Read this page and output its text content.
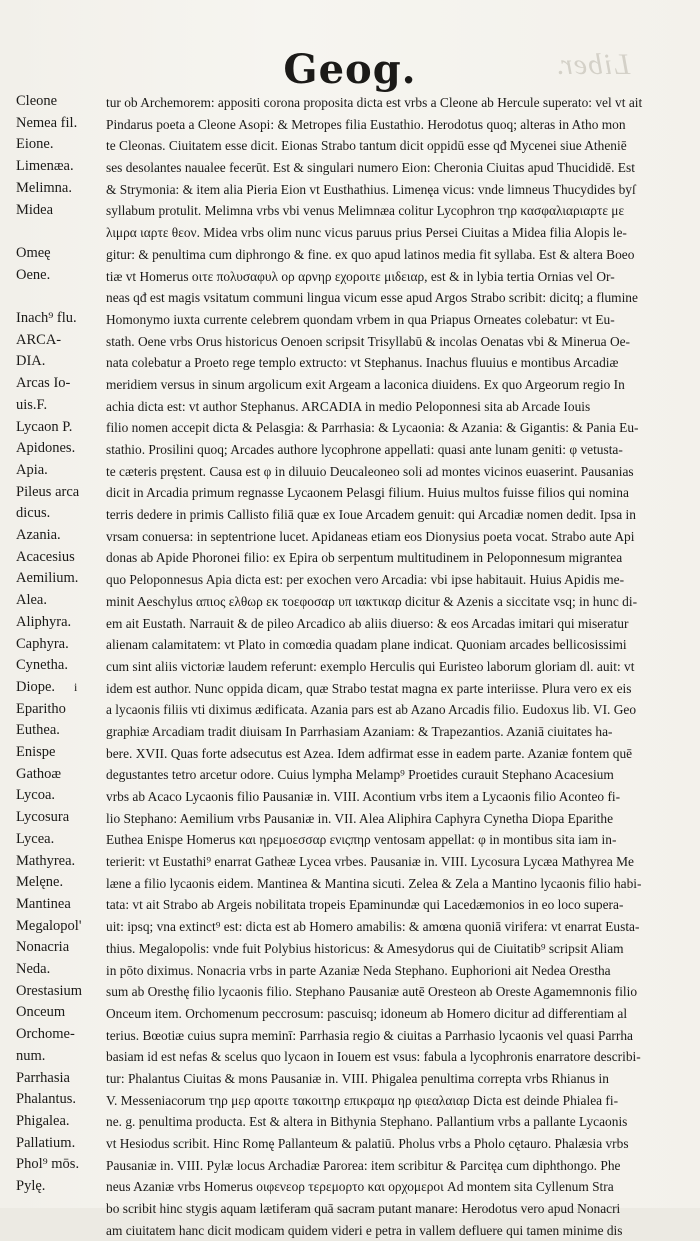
Liber.
Geog.
Cleone
Nemea fil.
Eione.
Limenæa.
Melimna.
Midea
Omeę
Oene.
Inach⁹ flu.
ARCA-
DIA.
Arcas Io-
uis.F.
Lycaon P.
Apidones.
Apia.
Pileus arca
dicus.
Azania.
Acacesius
Aemilium.
Alea.
Aliphyra.
Caphyra.
Cynetha.
Diope.
Eparitho
Euthea.
Enispe
Gathoæ
Lycoa.
Lycosura
Lycea.
Mathyrea.
Melęne.
Mantinea
Megalopol'
Nonacria
Neda.
Orestasium
Onceum
Orchome-
num.
Parrhasia
Phalantus.
Phigalea.
Pallatium.
Phol⁹ mōs.
Pylę.
tur ob Archemorem: appositi corona proposita dicta est vrbs a Cleone ab Hercule superato: vel vt ait
Pindarus poeta a Cleone Asopi: & Metropes filia Eustathio. Herodotus quoq; alteras in Atho mon
te Cleonas. Ciuitatem esse dicit. Eionas Strabo tantum dicit oppidū esse qđ Mycenei siue Atheniē
ses desolantes naualee fecerūt. Est & singulari numero Eion: Cheronia Ciuitas apud Thucididē. Est
& Strymonia: & item alia Pieria Eion vt Eusthathius. Limenęa vicus: vnde limneus Thucydides byſ
syllabum protulit. Melimna vrbs vbi venus Melimnæa colitur Lycophron τηρ κασφαλιαριαρτε με
λιμρα ιαρτε θεον. Midea vrbs olim nunc vicus paruus prius Persei Ciuitas a Midea filia Alopis le-
gitur: & penultima cum diphrongo & fine. ex quo apud latinos media fit syllaba. Est & altera Boeo
tiæ vt Homerus οιτε πολυσαφυλ ορ αρνηρ εχοροιτε μιδειαρ, est & in lybia tertia Ornias vel Or-
neas qđ est magis vsitatum communi lingua vicum esse apud Argos Strabo scribit: dicitq; a flumine
Homonymo iuxta currente celebrem quondam vrbem in qua Priapus Orneates colebatur: vt Eu-
stath. Oene vrbs Orus historicus Oenoen scripsit Trisyllabū & incolas Oenatas vbi & Minerua Oe-
nata colebatur a Proeto rege templo extructo: vt Stephanus. Inachus fluuius e montibus Arcadiæ
meridiem versus in sinum argolicum exit Argeam a laconica diuidens. Ex quo Argeorum regio In
achia dicta est: vt author Stephanus. ARCADIA in medio Peloponnesi sita ab Arcade Iouis
filio nomen accepit dicta & Pelasgia: & Parrhasia: & Lycaonia: & Azania: & Gigantis: & Pania Eu-
stathio. Prosilini quoq; Arcades authore lycophrone appellati: quasi ante lunam geniti: φ vetusta-
te cæteris pręstent. Causa est φ in diluuio Deucaleoneo soli ad montes vicinos euaserint. Pausanias
dicit in Arcadia primum regnasse Lycaonem Pelasgi filium. Huius multos fuisse filios qui nomina
terris dedere in primis Callisto filiā quæ ex Ioue Arcadem genuit: qui Arcadiæ nomen dedit. Ipsa in
vrsam conuersa: in septentrione lucet. Apidaneas etiam eos Dionysius poeta vocat. Strabo aute Api
donas ab Apide Phoronei filio: ex Epira ob serpentum multitudinem in Peloponnesum migrantea
quo Peloponnesus Apia dicta est: per exochen vero Arcadia: vbi ipse habitauit. Huius Apidis me-
minit Aeschylus απιος ελθωρ εκ τοεφοσαρ υπ ιακτικαρ dicitur & Azenis a siccitate vsq; in hunc di-
em ait Eustath. Narrauit & de pileo Arcadico ab aliis diuerso: & eos Arcadas imitari qui miseratur
alienam calamitatem: vt Plato in comœdia quadam plane indicat. Quoniam arcades bellicosissimi
cum sint aliis victoriæ laudem referunt: exemplo Herculis qui Euristeo laborum gloriam dl. auit: vt
idem est author. Nunc oppida dicam, quæ Strabo testat magna ex parte interiisse. Plura vero ex eis
a lycaonis filiis vti diximus ædificata. Azania pars est ab Azano Arcadis filio. Eudoxus lib. VI. Geo
graphiæ Arcadiam tradit diuisam In Parrhasiam Azaniam: & Trapezantios. Azaniā ciuitates ha-
bere. XVII. Quas forte adsecutus est Azea. Idem adfirmat esse in eadem parte. Azaniæ fontem quē
degustantes tetro arcetur odore. Cuius lympha Melamp⁹ Proetides curauit Stephano Acacesium
vrbs ab Acaco Lycaonis filio Pausaniæ in. VIII. Acontium vrbs item a Lycaonis filio Aconteo fi-
lio Stephano: Aemilium vrbs Pausaniæ in. VII. Alea Aliphira Caphyra Cynetha Diopa Eparithe
Euthea Enispe Homerus και ηρεμοεσσαρ ενιςπηρ ventosam appellat: φ in montibus sita iam in-
terierit: vt Eustathi⁹ enarrat Gatheæ Lycea vrbes. Pausaniæ in. VIII. Lycosura Lycæa Mathyrea Me
læne a filio lycaonis eidem. Mantinea & Mantina sicuti. Zelea & Zela a Mantino lycaonis filio habi-
tata: vt ait Strabo ab Argeis nobilitata tropeis Epaminundæ qui Lacedæmonios in eo loco supera-
uit: ipsq; vna extinct⁹ est: dicta est ab Homero amabilis: & amœna quoniā virifera: vt enarrat Eusta-
thius. Megalopolis: vnde fuit Polybius historicus: & Amesydorus qui de Ciuitatib⁹ scripsit Aliam
in pōto diximus. Nonacria vrbs in parte Azaniæ Neda Stephano. Euphorioni ait Nedea Orestha
sum ab Oresthę filio lycaonis filio. Stephano Pausaniæ autē Oresteon ab Oreste Agamemnonis filio
Onceum item. Orchomenum peccrosum: pascuisq; idoneum ab Homero dicitur ad differentiam al
terius. Bœotiæ cuius supra meminī: Parrhasia regio & ciuitas a Parrhasio lycaonis vel quasi Parrha
basiam id est nefas & scelus quo lycaon in Iouem est vsus: fabula a lycophronis enarratore describi-
tur: Phalantus Ciuitas & mons Pausaniæ in. VIII. Phigalea penultima correpta vrbs Rhianus in
V. Messeniacorum τηρ μερ αροιτε τακοιτηρ επικραμα ηρ φιεαλαιαρ Dicta est deinde Phialea fi-
ne. g. penultima producta. Est & altera in Bithynia Stephano. Pallantium vrbs a pallante Lycaonis
vt Hesiodus scribit. Hinc Romę Pallanteum & palatiū. Pholus vrbs a Pholo cętauro. Phalæsia vrbs
Pausaniæ in. VIII. Pylæ locus Archadiæ Parorea: item scribitur & Parcitęa cum diphthongo. Phe
neus Azaniæ vrbs Homerus οιφενεορ τερεμορτο και ορχομεροι Ad montem sita Cyllenum Stra
bo scribit hinc stygis aquam lætiferam quā sacram putant manare: Herodotus vero apud Nonacri
am ciuitatem hanc dicit modicam quidem videri e petra in vallem defluere qui tamen minime dis
i
